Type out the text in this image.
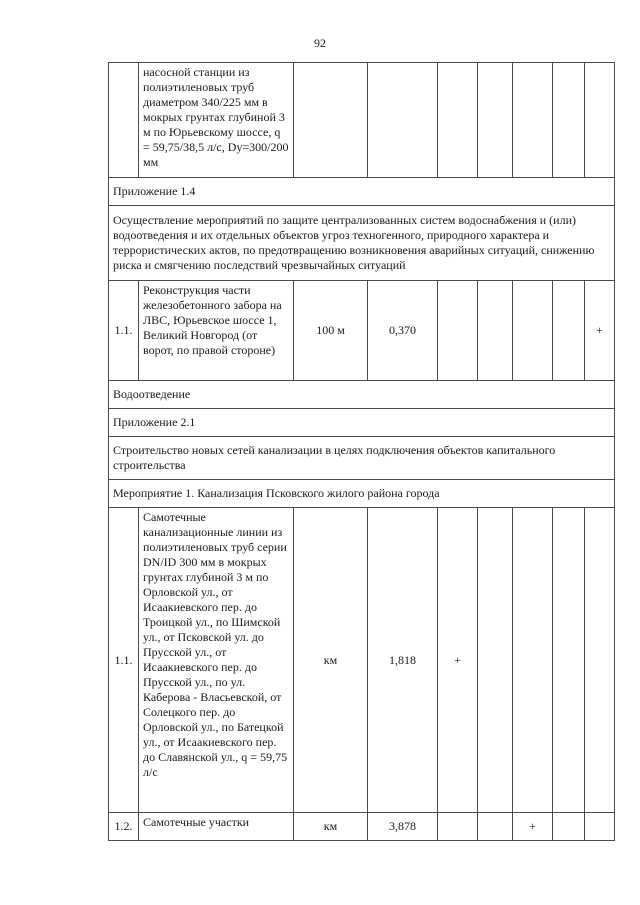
92
	насосной станции из полиэтиленовых труб диаметром 340/225 мм в мокрых грунтах глубиной 3 м по Юрьевскому шоссе, q = 59,75/38,5 л/с, Dy=300/200 мм							
Приложение 1.4								
Осуществление мероприятий по защите централизованных систем водоснабжения и (или) водоотведения и их отдельных объектов угроз техногенного, природного характера и террористических актов, по предотвращению возникновения аварийных ситуаций, снижению риска и смягчению последствий чрезвычайных ситуаций								
1.1.	Реконструкция части железобетонного забора на ЛВС, Юрьевское шоссе 1, Великий Новгород (от ворот, по правой стороне)	100 м	0,370					+
Водоотведение								
Приложение 2.1								
Строительство новых сетей канализации в целях подключения объектов капитального строительства								
Мероприятие 1. Канализация Псковского жилого района города								
1.1.	Самотечные канализационные линии из полиэтиленовых труб серии DN/ID 300 мм в мокрых грунтах глубиной 3 м по Орловской ул., от Исаакиевского пер. до Троицкой ул., по Шимской ул., от Псковской ул. до Прусской ул., от Исаакиевского пер. до Прусской ул., по ул. Каберова - Власьевской, от Солецкого пер. до Орловской ул., по Батецкой ул., от Исаакиевского пер. до Славянской ул., q = 59,75 л/с	км	1,818	+				
1.2.	Самотечные участки	км	3,878			+		
